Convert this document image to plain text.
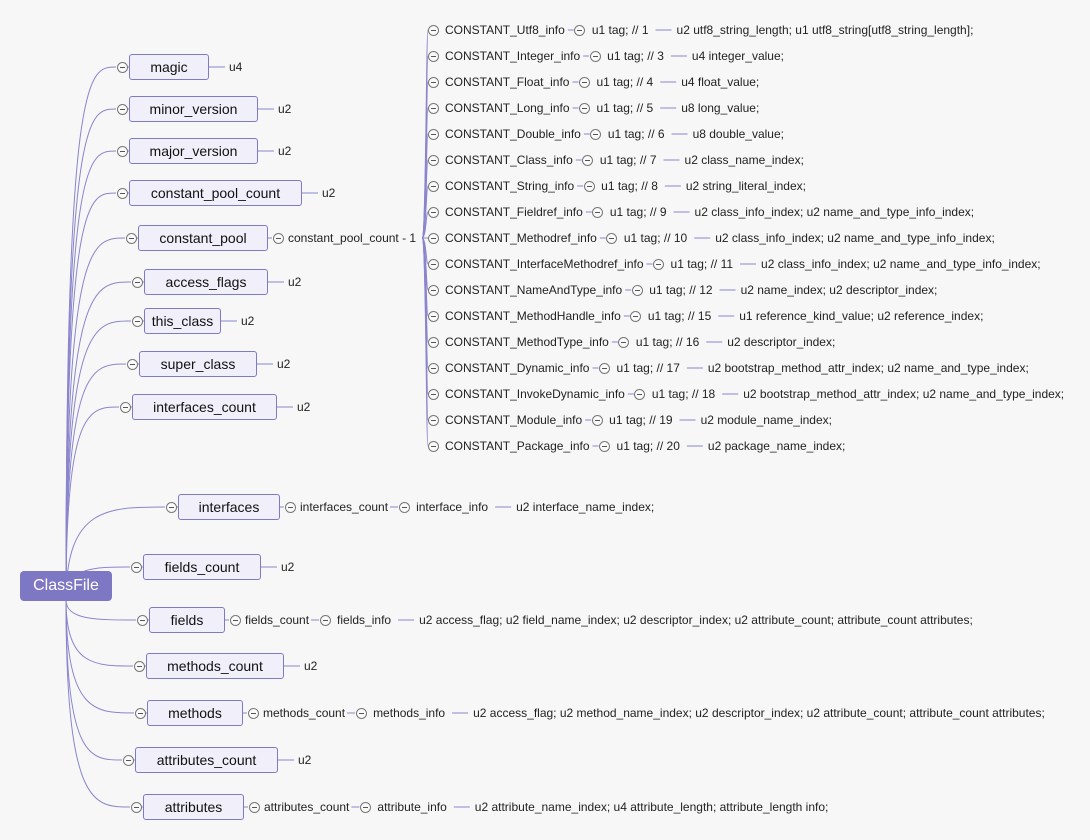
ClassFile
magic	u4
minor_version	u2
major_version	u2
constant_pool_count	u2
constant_pool	constant_pool_count - 1
CONSTANT_Utf8_info u1 tag; // 1 u2 utf8_string_length; u1 utf8_string[utf8_string_length];
CONSTANT_Integer_info u1 tag; // 3 u4 integer_value;
CONSTANT_Float_info u1 tag; // 4 u4 float_value;
CONSTANT_Long_info u1 tag; // 5 u8 long_value;
CONSTANT_Double_info u1 tag; // 6 u8 double_value;
CONSTANT_Class_info u1 tag; // 7 u2 class_name_index;
CONSTANT_String_info u1 tag; // 8 u2 string_literal_index;
CONSTANT_Fieldref_info u1 tag; // 9 u2 class_info_index; u2 name_and_type_info_index;
CONSTANT_Methodref_info u1 tag; // 10 u2 class_info_index; u2 name_and_type_info_index;
CONSTANT_InterfaceMethodref_info u1 tag; // 11 u2 class_info_index; u2 name_and_type_info_index;
CONSTANT_NameAndType_info u1 tag; // 12 u2 name_index; u2 descriptor_index;
CONSTANT_MethodHandle_info u1 tag; // 15 u1 reference_kind_value; u2 reference_index;
CONSTANT_MethodType_info u1 tag; // 16 u2 descriptor_index;
CONSTANT_Dynamic_info u1 tag; // 17 u2 bootstrap_method_attr_index; u2 name_and_type_index;
CONSTANT_InvokeDynamic_info u1 tag; // 18 u2 bootstrap_method_attr_index; u2 name_and_type_index;
CONSTANT_Module_info u1 tag; // 19 u2 module_name_index;
CONSTANT_Package_info u1 tag; // 20 u2 package_name_index;
access_flags	u2
this_class	u2
super_class	u2
interfaces_count	u2
interfaces	interfaces_count interface_info u2 interface_name_index;
fields_count	u2
fields	fields_count fields_info u2 access_flag; u2 field_name_index; u2 descriptor_index; u2 attribute_count; attribute_count attributes;
methods_count	u2
methods	methods_count methods_info u2 access_flag; u2 method_name_index; u2 descriptor_index; u2 attribute_count; attribute_count attributes;
attributes_count	u2
attributes	attributes_count attribute_info u2 attribute_name_index; u4 attribute_length; attribute_length info;
